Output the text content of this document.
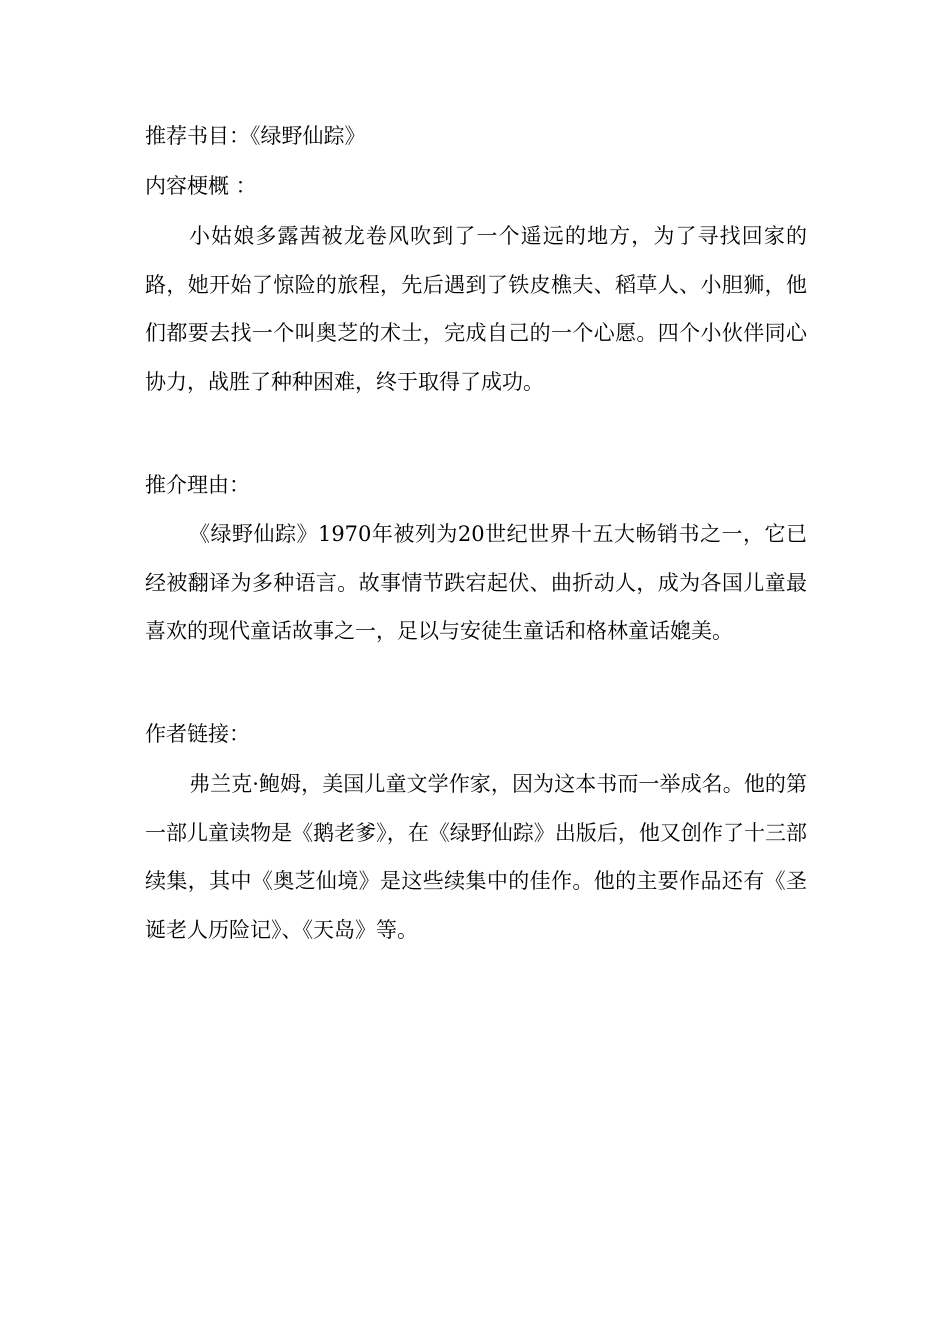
推荐书目：《绿野仙踪》

内容梗概 ：

小姑娘多露茜被龙卷风吹到了一个遥远的地方，为了寻找回家的路，她开始了惊险的旅程，先后遇到了铁皮樵夫、稻草人、小胆狮，他们都要去找一个叫奥芝的术士，完成自己的一个心愿。四个小伙伴同心协力，战胜了种种困难，终于取得了成功。

推介理由：

《绿野仙踪》1970年被列为20世纪世界十五大畅销书之一，它已经被翻译为多种语言。故事情节跌宕起伏、曲折动人，成为各国儿童最喜欢的现代童话故事之一，足以与安徒生童话和格林童话媲美。

作者链接：

弗兰克·鲍姆，美国儿童文学作家，因为这本书而一举成名。他的第一部儿童读物是《鹅老爹》，在《绿野仙踪》出版后，他又创作了十三部续集，其中《奥芝仙境》是这些续集中的佳作。他的主要作品还有《圣诞老人历险记》、《天岛》等。
